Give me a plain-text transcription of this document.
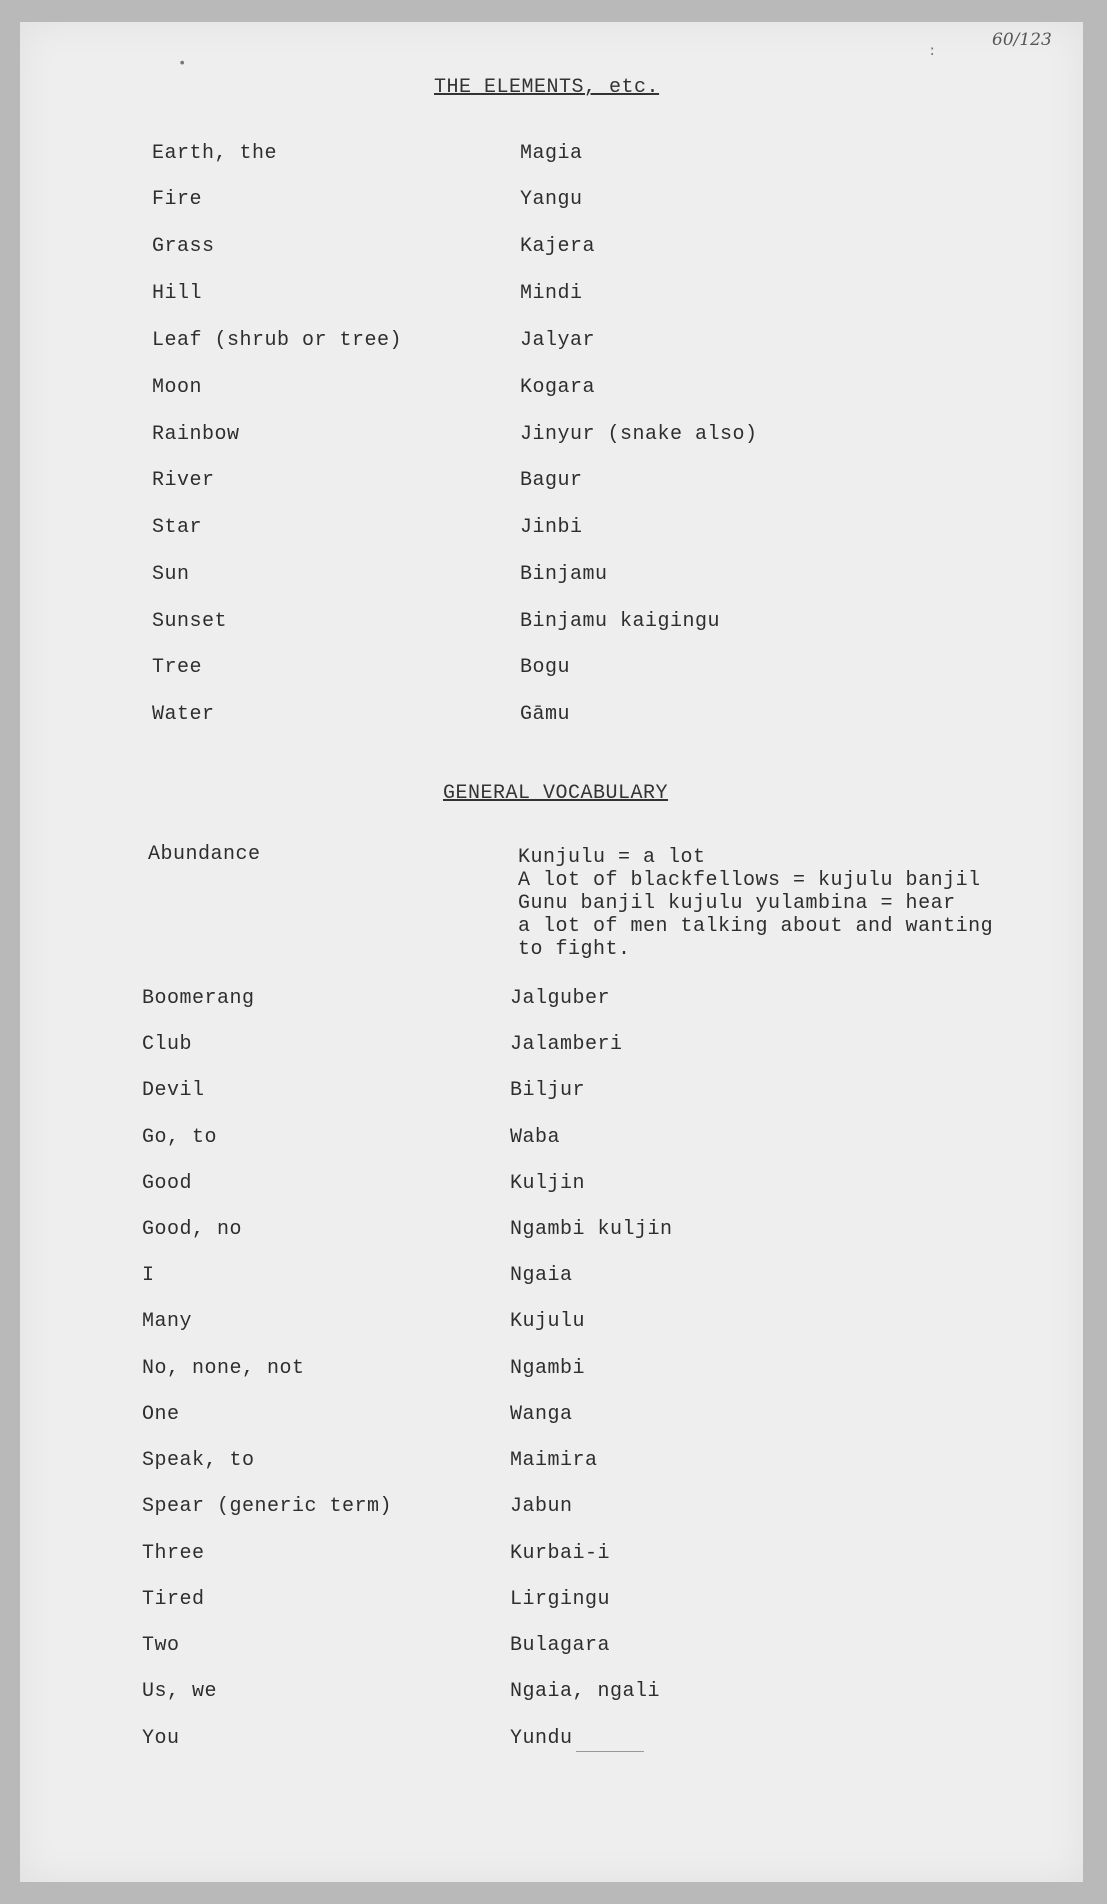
60/123
THE ELEMENTS, etc.
Earth, the	Magia
Fire	Yangu
Grass	Kajera
Hill	Mindi
Leaf (shrub or tree)	Jalyar
Moon	Kogara
Rainbow	Jinyur (snake also)
River	Bagur
Star	Jinbi
Sun	Binjamu
Sunset	Binjamu kaigingu
Tree	Bogu
Water	Gāmu
GENERAL VOCABULARY
Abundance	Kunjulu = a lot
A lot of blackfellows = kujulu banjil
Gunu banjil kujulu yulambina = hear
a lot of men talking about and wanting
to fight.
Boomerang	Jalguber
Club	Jalamberi
Devil	Biljur
Go, to	Waba
Good	Kuljin
Good, no	Ngambi kuljin
I	Ngaia
Many	Kujulu
No, none, not	Ngambi
One	Wanga
Speak, to	Maimira
Spear (generic term)	Jabun
Three	Kurbai-i
Tired	Lirgingu
Two	Bulagara
Us, we	Ngaia, ngali
You	Yundu
•
:
